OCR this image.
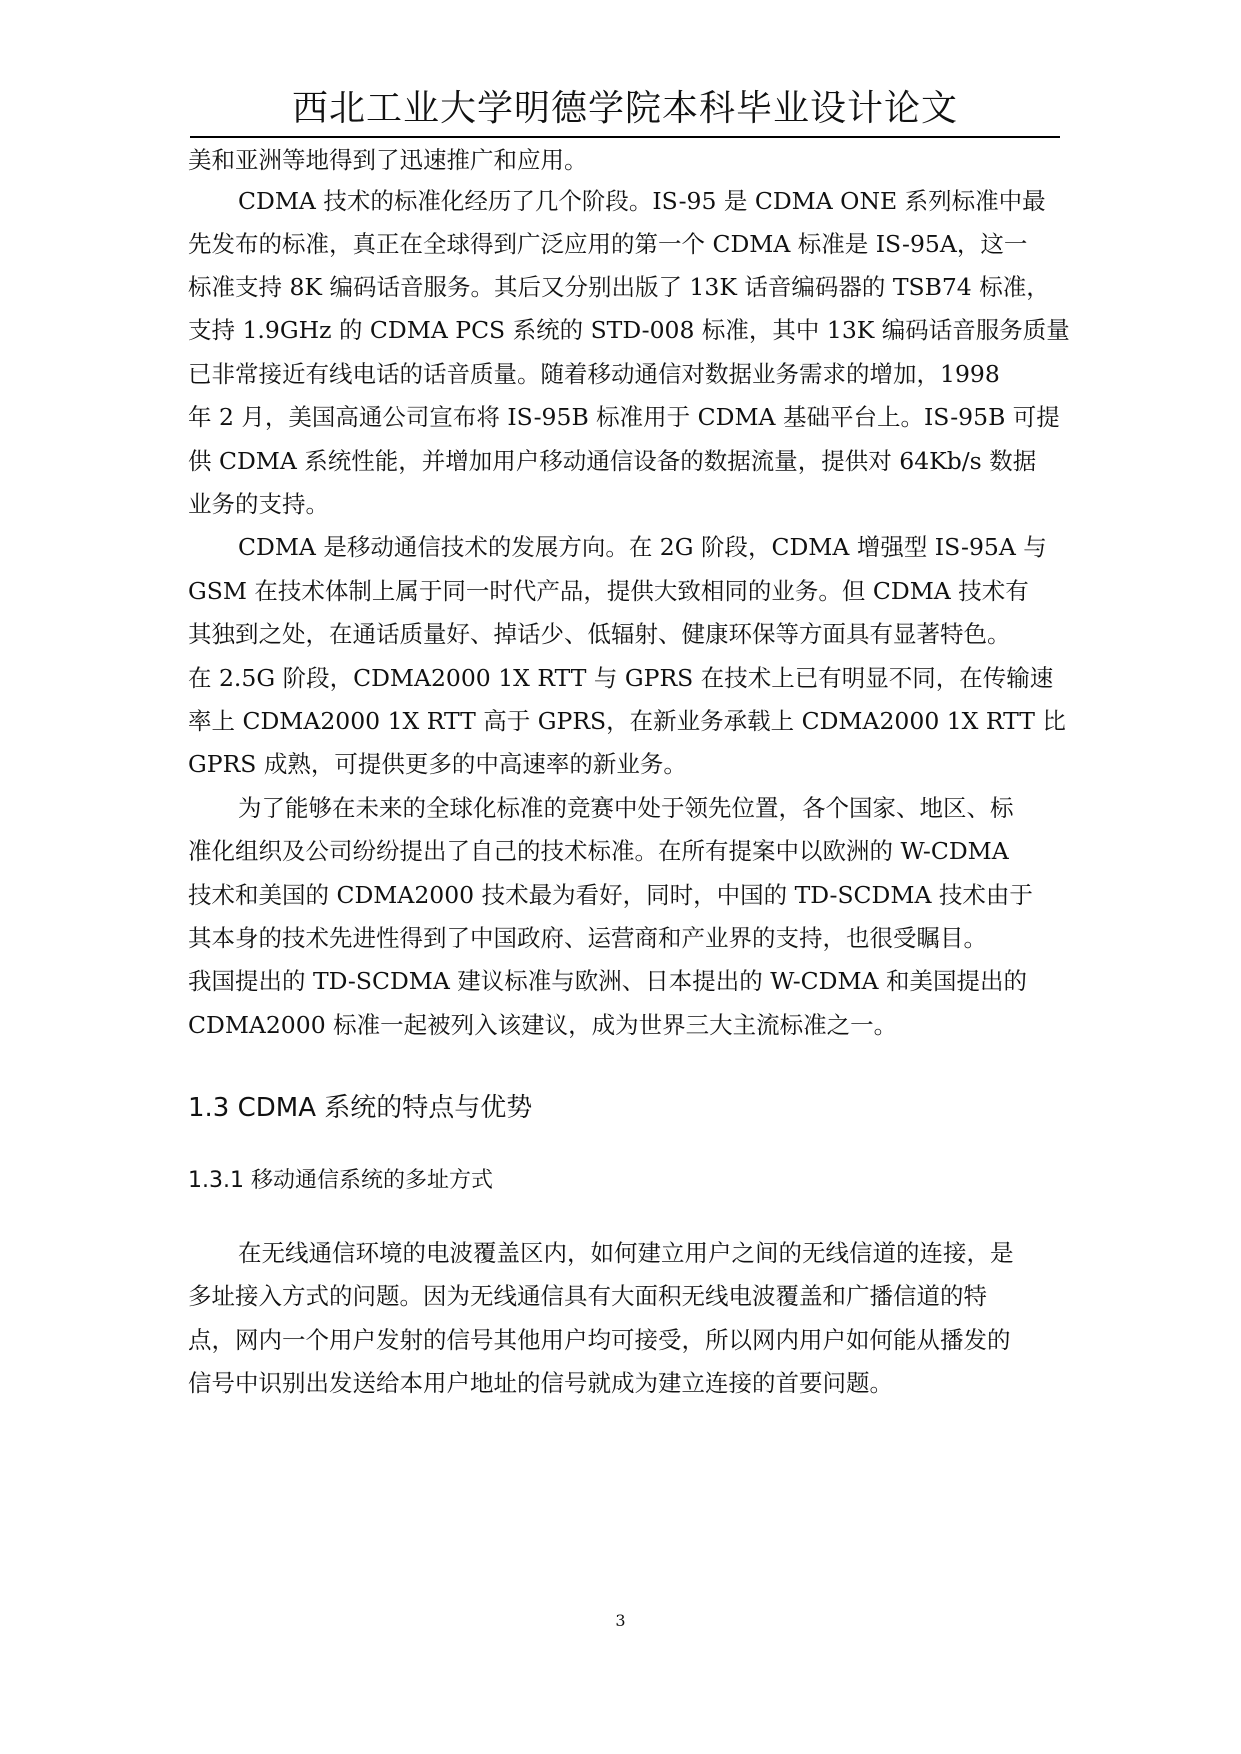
西北工业大学明德学院本科毕业设计论文
美和亚洲等地得到了迅速推广和应用。
CDMA 技术的标准化经历了几个阶段。IS-95 是 CDMA ONE 系列标准中最
先发布的标准，真正在全球得到广泛应用的第一个 CDMA 标准是 IS-95A，这一
标准支持 8K 编码话音服务。其后又分别出版了 13K 话音编码器的 TSB74 标准，
支持 1.9GHz 的 CDMA PCS 系统的 STD-008 标准，其中 13K 编码话音服务质量
已非常接近有线电话的话音质量。随着移动通信对数据业务需求的增加，1998
年 2 月，美国高通公司宣布将 IS-95B 标准用于 CDMA 基础平台上。IS-95B 可提
供 CDMA 系统性能，并增加用户移动通信设备的数据流量，提供对 64Kb/s 数据
业务的支持。
CDMA 是移动通信技术的发展方向。在 2G 阶段，CDMA 增强型 IS-95A 与
GSM 在技术体制上属于同一时代产品，提供大致相同的业务。但 CDMA 技术有
其独到之处，在通话质量好、掉话少、低辐射、健康环保等方面具有显著特色。
在 2.5G 阶段，CDMA2000 1X RTT 与 GPRS 在技术上已有明显不同，在传输速
率上 CDMA2000 1X RTT 高于 GPRS，在新业务承载上 CDMA2000 1X RTT 比
GPRS 成熟，可提供更多的中高速率的新业务。
为了能够在未来的全球化标准的竞赛中处于领先位置，各个国家、地区、标
准化组织及公司纷纷提出了自己的技术标准。在所有提案中以欧洲的 W-CDMA
技术和美国的 CDMA2000 技术最为看好，同时，中国的 TD-SCDMA 技术由于
其本身的技术先进性得到了中国政府、运营商和产业界的支持，也很受瞩目。
我国提出的 TD-SCDMA 建议标准与欧洲、日本提出的 W-CDMA 和美国提出的
CDMA2000 标准一起被列入该建议，成为世界三大主流标准之一。
1.3 CDMA 系统的特点与优势
1.3.1 移动通信系统的多址方式
在无线通信环境的电波覆盖区内，如何建立用户之间的无线信道的连接，是
多址接入方式的问题。因为无线通信具有大面积无线电波覆盖和广播信道的特
点，网内一个用户发射的信号其他用户均可接受，所以网内用户如何能从播发的
信号中识别出发送给本用户地址的信号就成为建立连接的首要问题。
3
